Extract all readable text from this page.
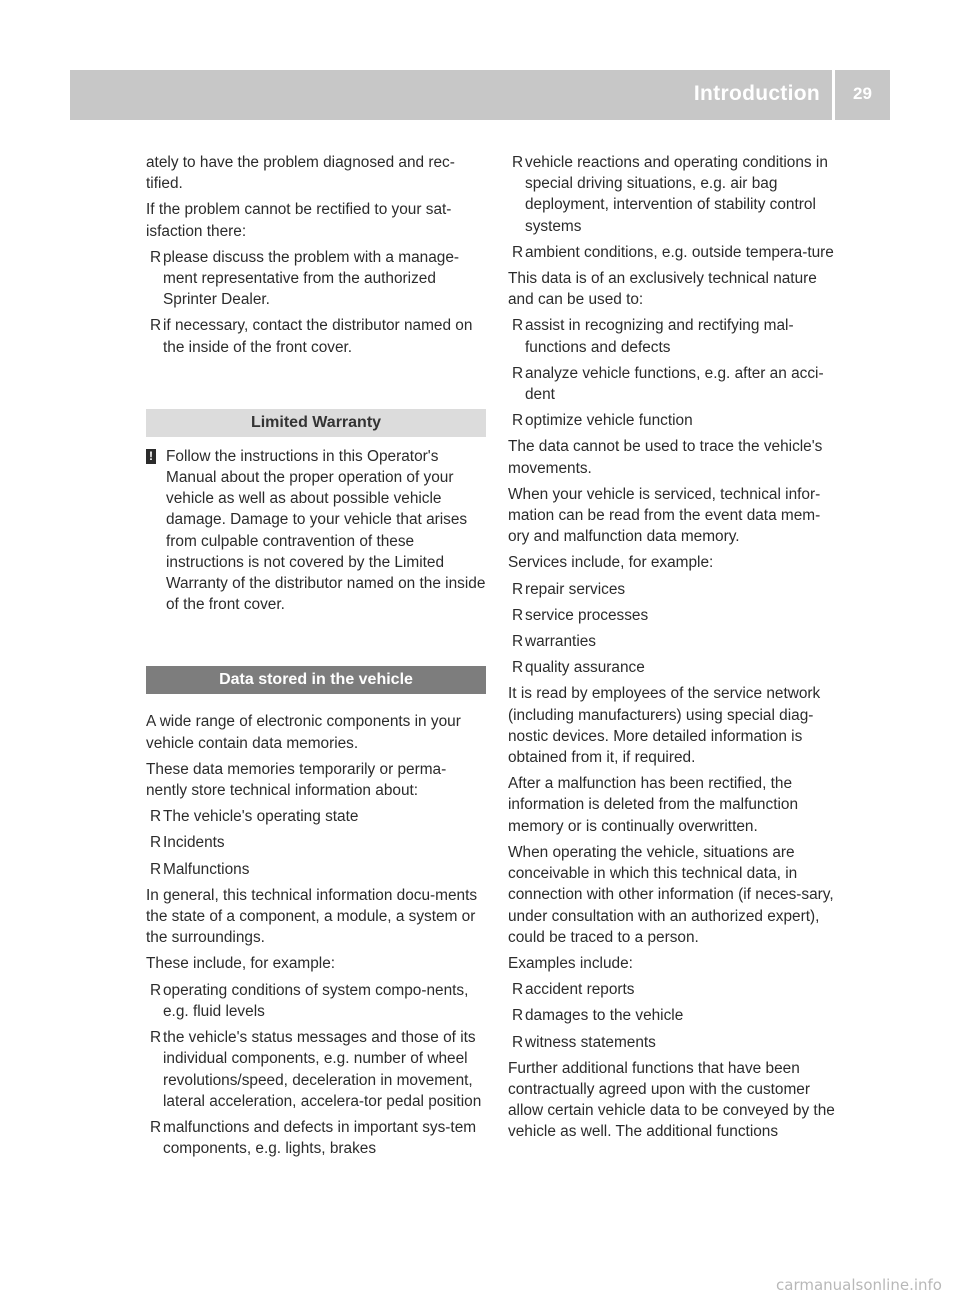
Introduction	29

ately to have the problem diagnosed and rec-tified.

If the problem cannot be rectified to your sat-isfaction there:

R please discuss the problem with a manage-ment representative from the authorized Sprinter Dealer.
R if necessary, contact the distributor named on the inside of the front cover.
Limited Warranty
! Follow the instructions in this Operator's Manual about the proper operation of your vehicle as well as about possible vehicle damage. Damage to your vehicle that arises from culpable contravention of these instructions is not covered by the Limited Warranty of the distributor named on the inside of the front cover.
Data stored in the vehicle

A wide range of electronic components in your vehicle contain data memories.

These data memories temporarily or perma-nently store technical information about:

R The vehicle's operating state
R Incidents
R Malfunctions

In general, this technical information docu-ments the state of a component, a module, a system or the surroundings.

These include, for example:

R operating conditions of system compo-nents, e.g. fluid levels
R the vehicle's status messages and those of its individual components, e.g. number of wheel revolutions/speed, deceleration in movement, lateral acceleration, accelera-tor pedal position
R malfunctions and defects in important sys-tem components, e.g. lights, brakes
R vehicle reactions and operating conditions in special driving situations, e.g. air bag deployment, intervention of stability control systems
R ambient conditions, e.g. outside tempera-ture

This data is of an exclusively technical nature and can be used to:

R assist in recognizing and rectifying mal-functions and defects
R analyze vehicle functions, e.g. after an acci-dent
R optimize vehicle function

The data cannot be used to trace the vehicle's movements.

When your vehicle is serviced, technical infor-mation can be read from the event data mem-ory and malfunction data memory.

Services include, for example:

R repair services
R service processes
R warranties
R quality assurance

It is read by employees of the service network (including manufacturers) using special diag-nostic devices. More detailed information is obtained from it, if required.

After a malfunction has been rectified, the information is deleted from the malfunction memory or is continually overwritten.

When operating the vehicle, situations are conceivable in which this technical data, in connection with other information (if neces-sary, under consultation with an authorized expert), could be traced to a person.

Examples include:

R accident reports
R damages to the vehicle
R witness statements

Further additional functions that have been contractually agreed upon with the customer allow certain vehicle data to be conveyed by the vehicle as well. The additional functions

carmanualsonline.info
